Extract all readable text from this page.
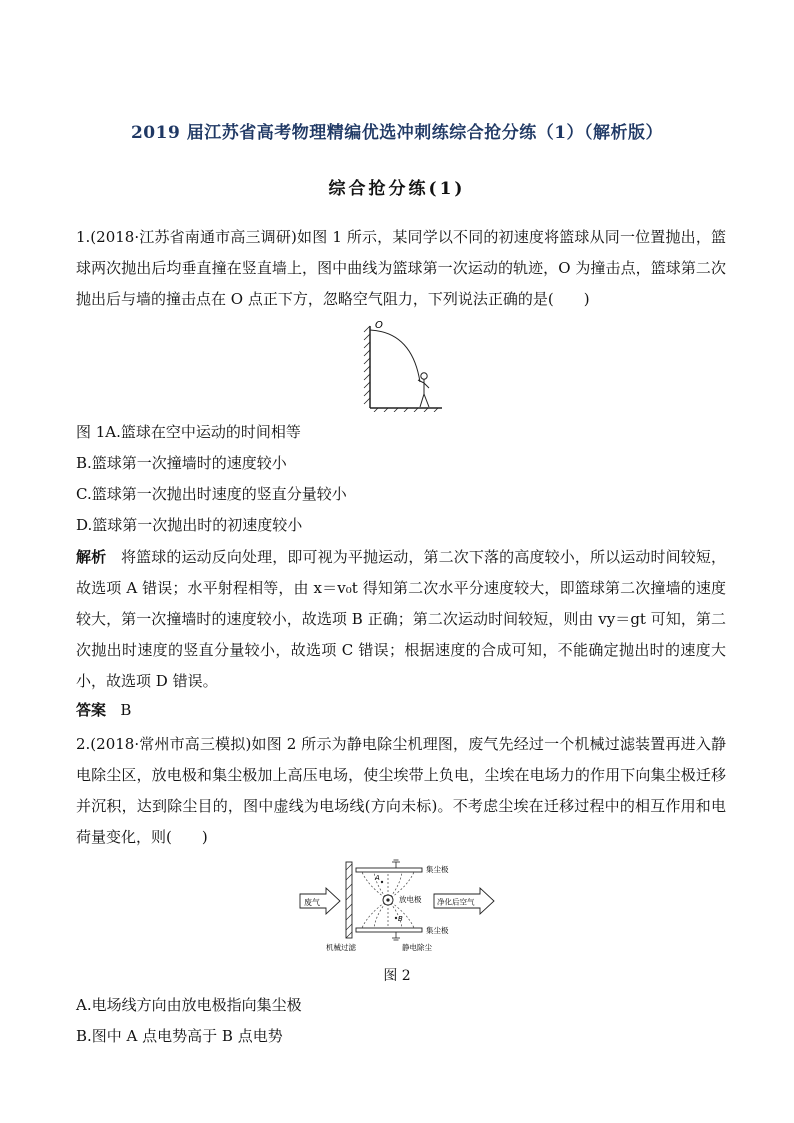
2019 届江苏省高考物理精编优选冲刺练综合抢分练（1）（解析版）
综合抢分练(1)
1.(2018·江苏省南通市高三调研)如图 1 所示，某同学以不同的初速度将篮球从同一位置抛出，篮球两次抛出后均垂直撞在竖直墙上，图中曲线为篮球第一次运动的轨迹，O 为撞击点，篮球第二次抛出后与墙的撞击点在 O 点正下方，忽略空气阻力，下列说法正确的是(　　)
O
图 1A.篮球在空中运动的时间相等
B.篮球第一次撞墙时的速度较小
C.篮球第一次抛出时速度的竖直分量较小
D.篮球第一次抛出时的初速度较小
解析 将篮球的运动反向处理，即可视为平抛运动，第二次下落的高度较小，所以运动时间较短，故选项 A 错误；水平射程相等，由 x＝v₀t 得知第二次水平分速度较大，即篮球第二次撞墙的速度较大，第一次撞墙时的速度较小，故选项 B 正确；第二次运动时间较短，则由 vy＝gt 可知，第二次抛出时速度的竖直分量较小，故选项 C 错误；根据速度的合成可知，不能确定抛出时的速度大小，故选项 D 错误。
答案 B
2.(2018·常州市高三模拟)如图 2 所示为静电除尘机理图，废气先经过一个机械过滤装置再进入静电除尘区，放电极和集尘极加上高压电场，使尘埃带上负电，尘埃在电场力的作用下向集尘极迁移并沉积，达到除尘目的，图中虚线为电场线(方向未标)。不考虑尘埃在迁移过程中的相互作用和电荷量变化，则(　　)
废气
A
B
放电极
集尘极
集尘极
净化后空气
机械过滤	静电除尘
图 2
A.电场线方向由放电极指向集尘极
B.图中 A 点电势高于 B 点电势
